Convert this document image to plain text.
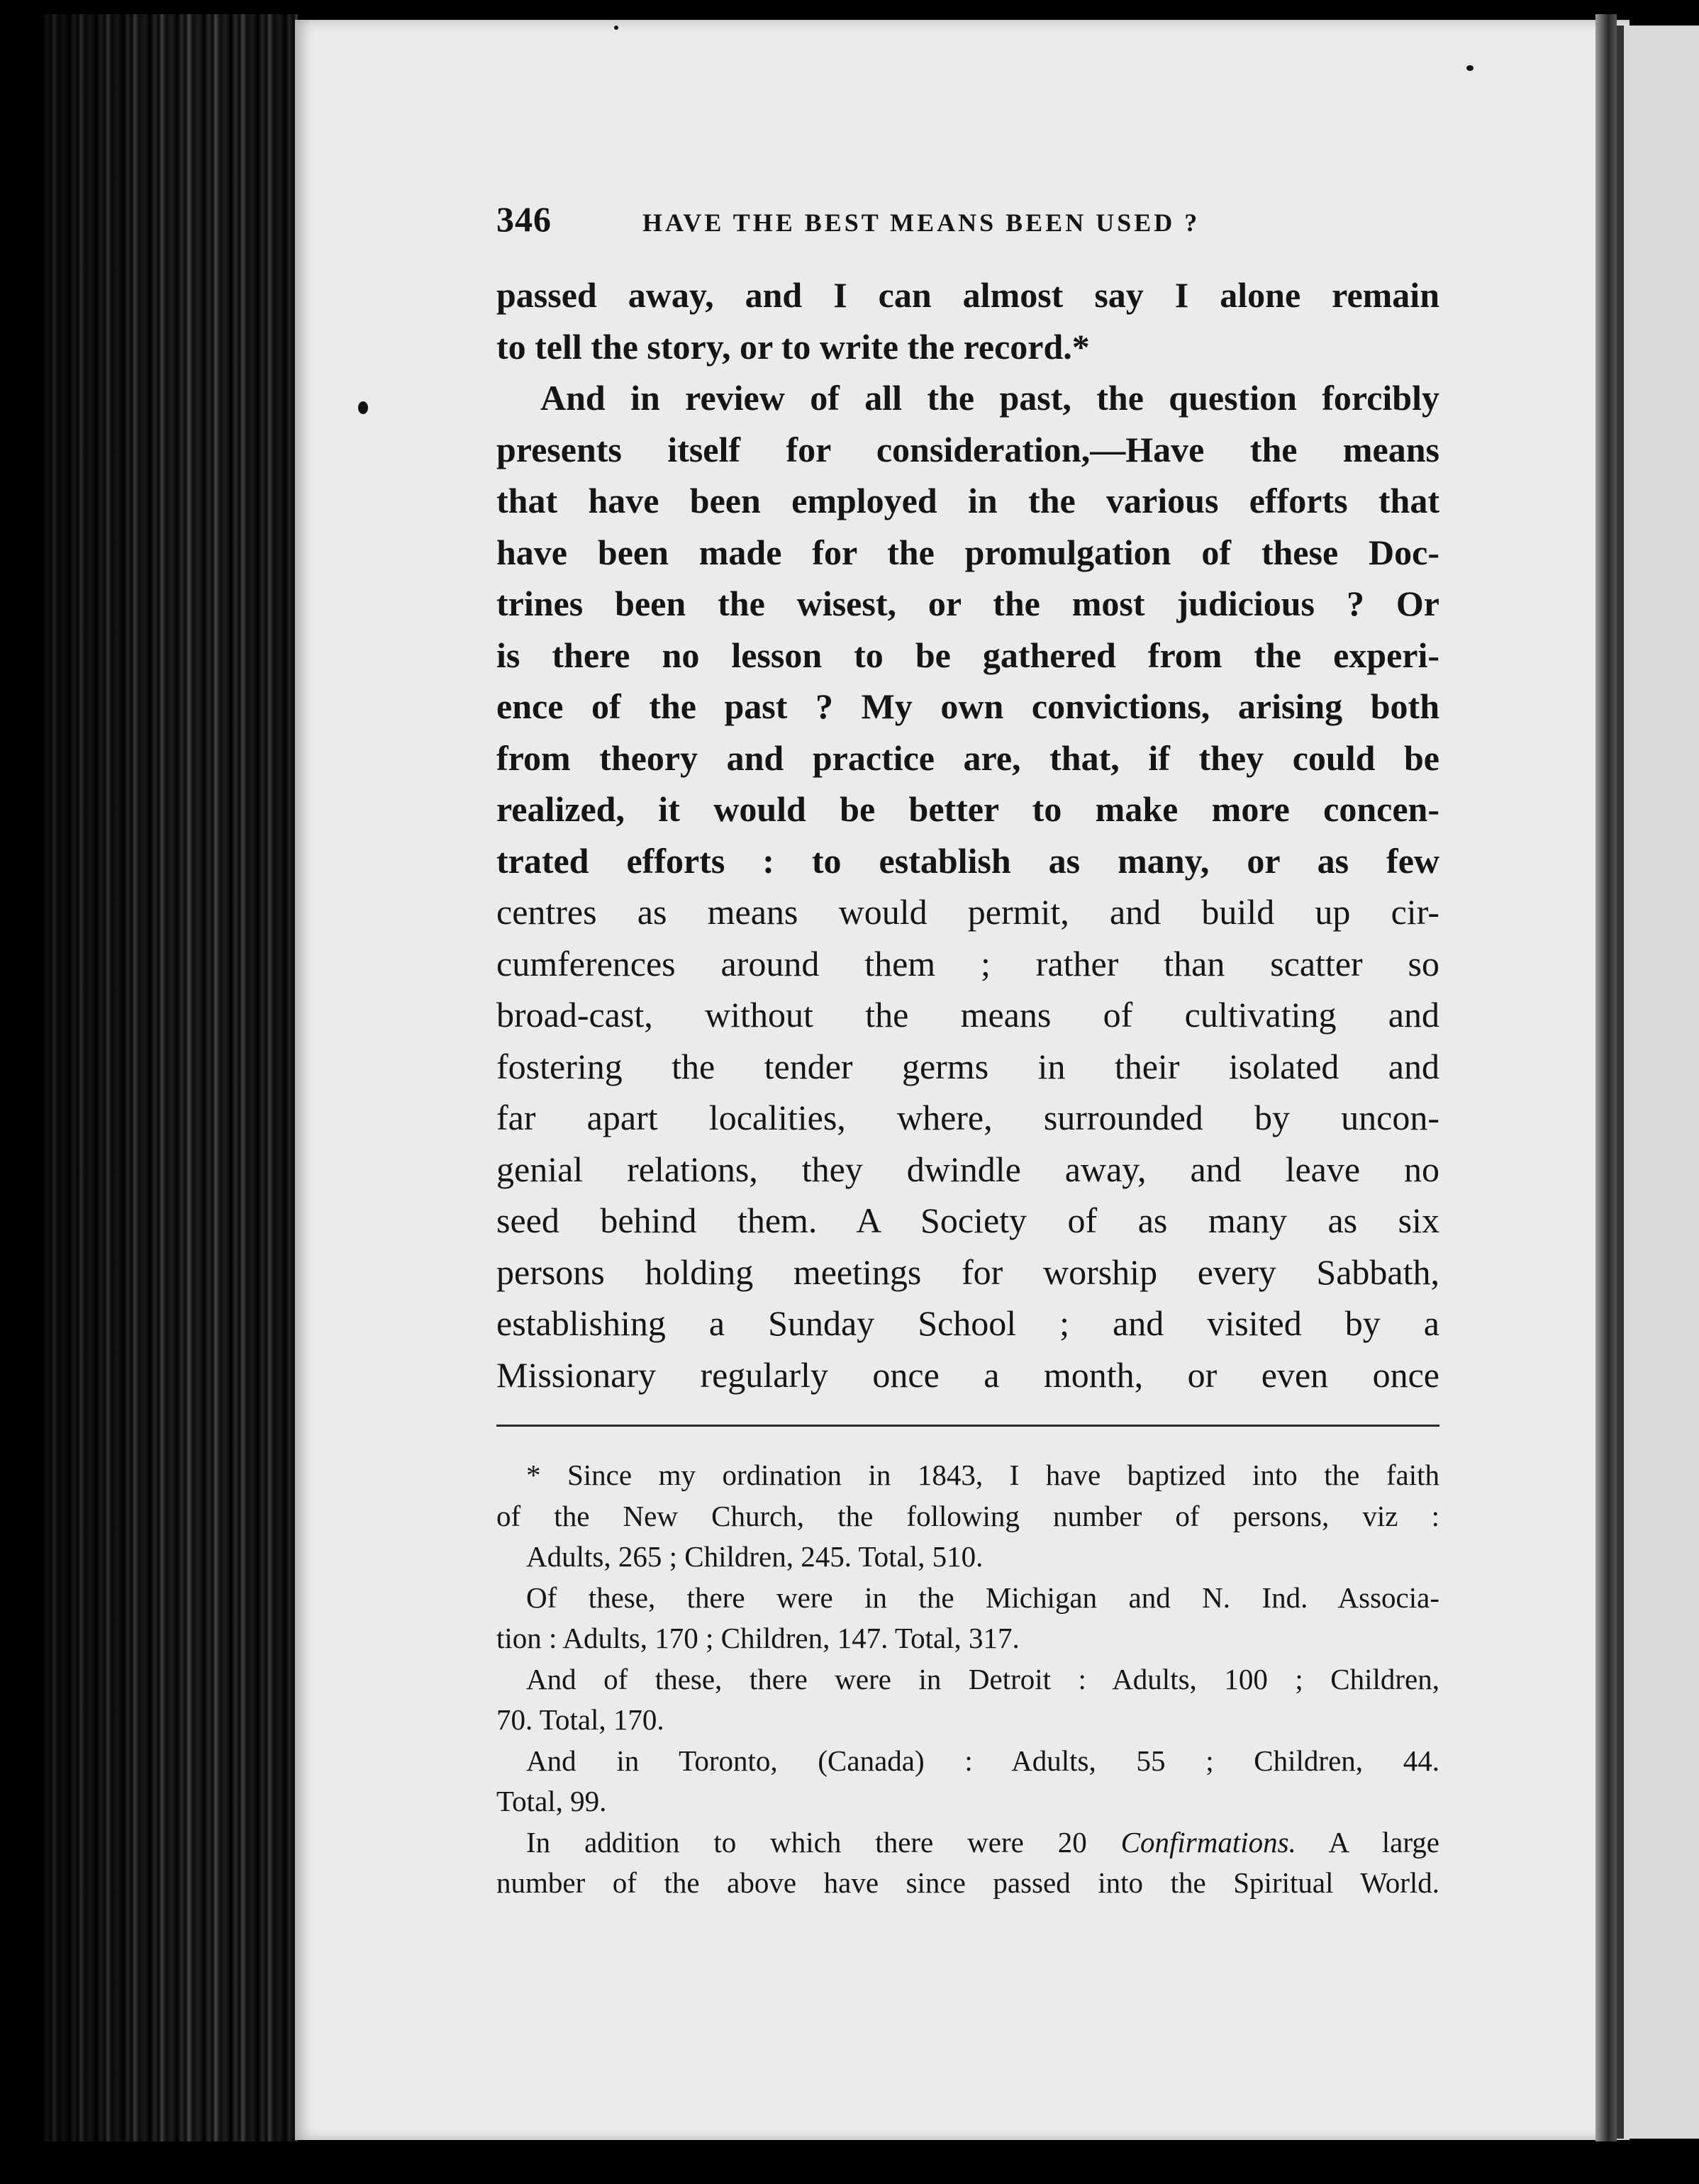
346	HAVE THE BEST MEANS BEEN USED ?
passed away, and I can almost say I alone remain
to tell the story, or to write the record.*
And in review of all the past, the question forcibly
presents itself for consideration,—Have the means
that have been employed in the various efforts that
have been made for the promulgation of these Doc-
trines been the wisest, or the most judicious ? Or
is there no lesson to be gathered from the experi-
ence of the past ? My own convictions, arising both
from theory and practice are, that, if they could be
realized, it would be better to make more concen-
trated efforts : to establish as many, or as few
centres as means would permit, and build up cir-
cumferences around them ; rather than scatter so
broad-cast, without the means of cultivating and
fostering the tender germs in their isolated and
far apart localities, where, surrounded by uncon-
genial relations, they dwindle away, and leave no
seed behind them. A Society of as many as six
persons holding meetings for worship every Sabbath,
establishing a Sunday School ; and visited by a
Missionary regularly once a month, or even once
* Since my ordination in 1843, I have baptized into the faith
of the New Church, the following number of persons, viz :
Adults, 265 ; Children, 245. Total, 510.
Of these, there were in the Michigan and N. Ind. Associa-
tion : Adults, 170 ; Children, 147. Total, 317.
And of these, there were in Detroit : Adults, 100 ; Children,
70. Total, 170.
And in Toronto, (Canada) : Adults, 55 ; Children, 44.
Total, 99.
In addition to which there were 20 Confirmations. A large
number of the above have since passed into the Spiritual World.
